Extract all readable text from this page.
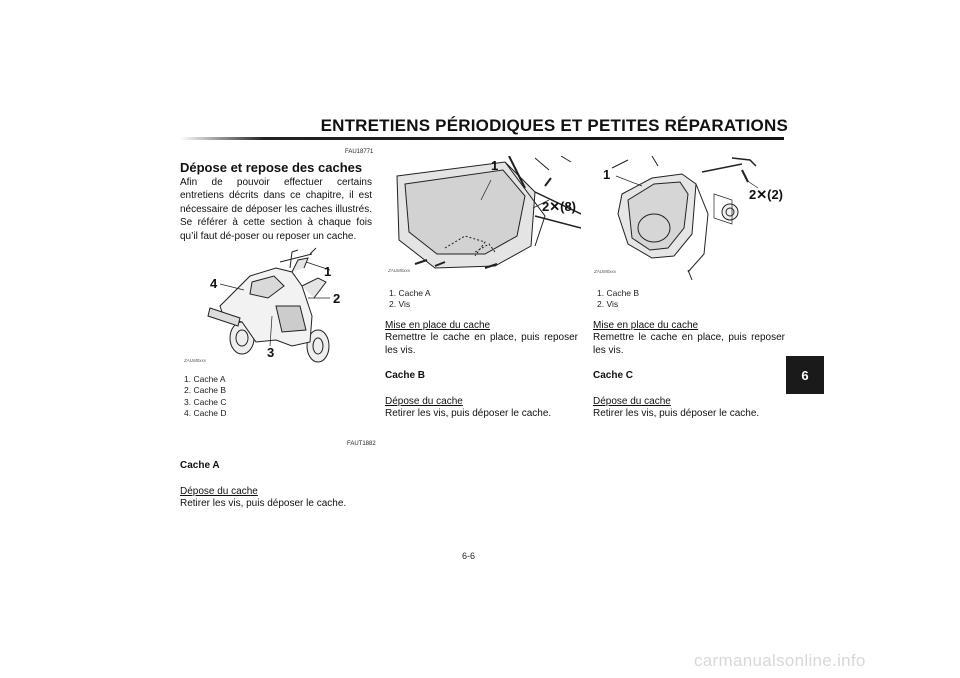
ENTRETIENS PÉRIODIQUES ET PETITES RÉPARATIONS
6
FAU18771
Dépose et repose des caches
Afin de pouvoir effectuer certains entretiens décrits dans ce chapitre, il est nécessaire de déposer les caches illustrés. Se référer à cette section à chaque fois qu’il faut dé-poser ou reposer un cache.
1
2
3
4
ZAUM0xxx
1. Cache A
2. Cache B
3. Cache C
4. Cache D
FAUT1882
Cache A
Dépose du cache
Retirer les vis, puis déposer le cache.
1
2✕(8)
ZAUM0xxx
1. Cache A
2. Vis
Mise en place du cache
Remettre le cache en place, puis reposer les vis.
Cache B
Dépose du cache
Retirer les vis, puis déposer le cache.
1
2✕(2)
ZAUM0xxx
1. Cache B
2. Vis
Mise en place du cache
Remettre le cache en place, puis reposer les vis.
Cache C
Dépose du cache
Retirer les vis, puis déposer le cache.
6-6
carmanualsonline.info
